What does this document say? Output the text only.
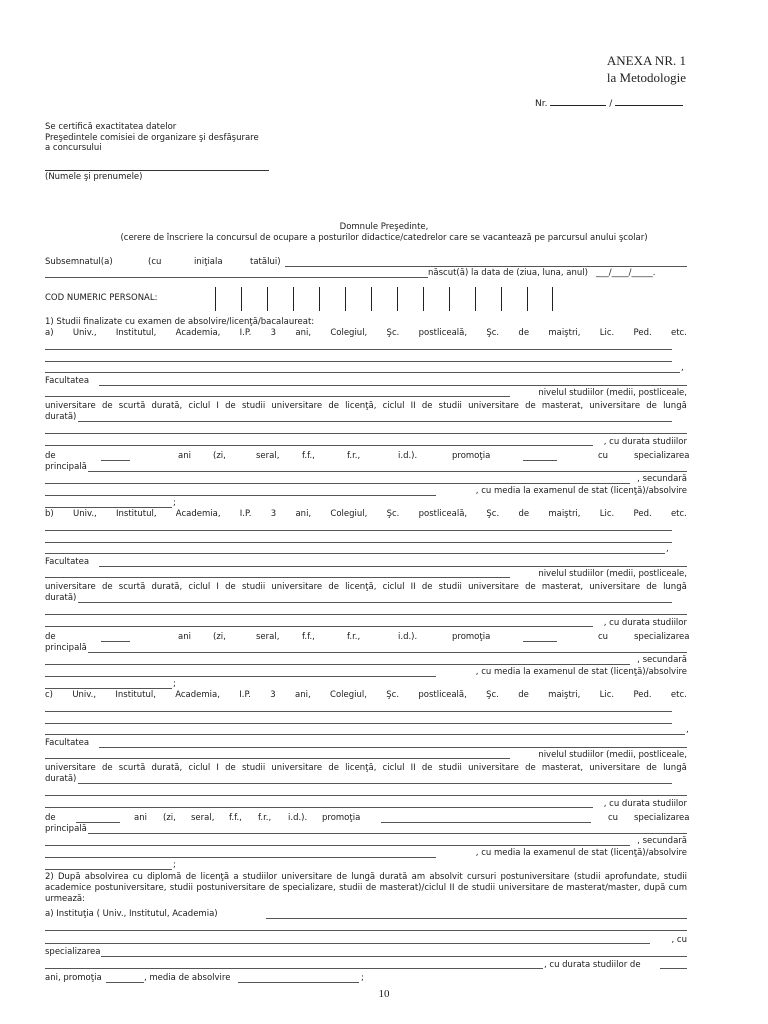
ANEXA NR. 1
la Metodologie
Nr.	/
Se certifică exactitatea datelor
Preşedintele comisiei de organizare şi desfăşurare
a concursului
(Numele şi prenumele)
Domnule Preşedinte,
(cerere de înscriere la concursul de ocupare a posturilor didactice/catedrelor care se vacantează pe parcursul anului şcolar)
Subsemnatul(a)	(cu	iniţiala	tatălui)
născut(ă) la data de (ziua, luna, anul) ___/____/_____.
COD NUMERIC PERSONAL:
1) Studii finalizate cu examen de absolvire/licenţă/bacalaureat:
a) Univ., Institutul, Academia, I.P. 3 ani, Colegiul, Şc. postliceală, Şc. de maiştri, Lic. Ped. etc.
,
Facultatea
nivelul studiilor (medii, postliceale,
universitare de scurtă durată, ciclul I de studii universitare de licenţă, ciclul II de studii universitare de masterat, universitare de lungă
durată)
, cu durata studiilor
de	ani	(zi,	seral,	f.f.,	f.r.,	i.d.).	promoţia	cu	specializarea
principală
, secundară
, cu media la examenul de stat (licenţă)/absolvire
;
b) Univ., Institutul, Academia, I.P. 3 ani, Colegiul, Şc. postliceală, Şc. de maiştri, Lic. Ped. etc.
,
Facultatea
nivelul studiilor (medii, postliceale,
universitare de scurtă durată, ciclul I de studii universitare de licenţă, ciclul II de studii universitare de masterat, universitare de lungă
durată)
, cu durata studiilor
de	ani	(zi,	seral,	f.f.,	f.r.,	i.d.).	promoţia	cu	specializarea
principală
, secundară
, cu media la examenul de stat (licenţă)/absolvire
;
c) Univ., Institutul, Academia, I.P. 3 ani, Colegiul, Şc. postliceală, Şc. de maiştri, Lic. Ped. etc.
,
Facultatea
nivelul studiilor (medii, postliceale,
universitare de scurtă durată, ciclul I de studii universitare de licenţă, ciclul II de studii universitare de masterat, universitare de lungă
durată)
, cu durata studiilor
de	ani (zi, seral, f.f., f.r., i.d.). promoţia	cu specializarea
principală
, secundară
, cu media la examenul de stat (licenţă)/absolvire
;
2) După absolvirea cu diplomă de licenţă a studiilor universitare de lungă durată am absolvit cursuri postuniversitare (studii aprofundate, studii
academice postuniversitare, studii postuniversitare de specializare, studii de masterat)/ciclul II de studii universitare de masterat/master, după cum
urmează:
a) Instituţia ( Univ., Institutul, Academia)
, cu
specializarea
, cu durata studiilor de
ani, promoţia	, media de absolvire	;
10
